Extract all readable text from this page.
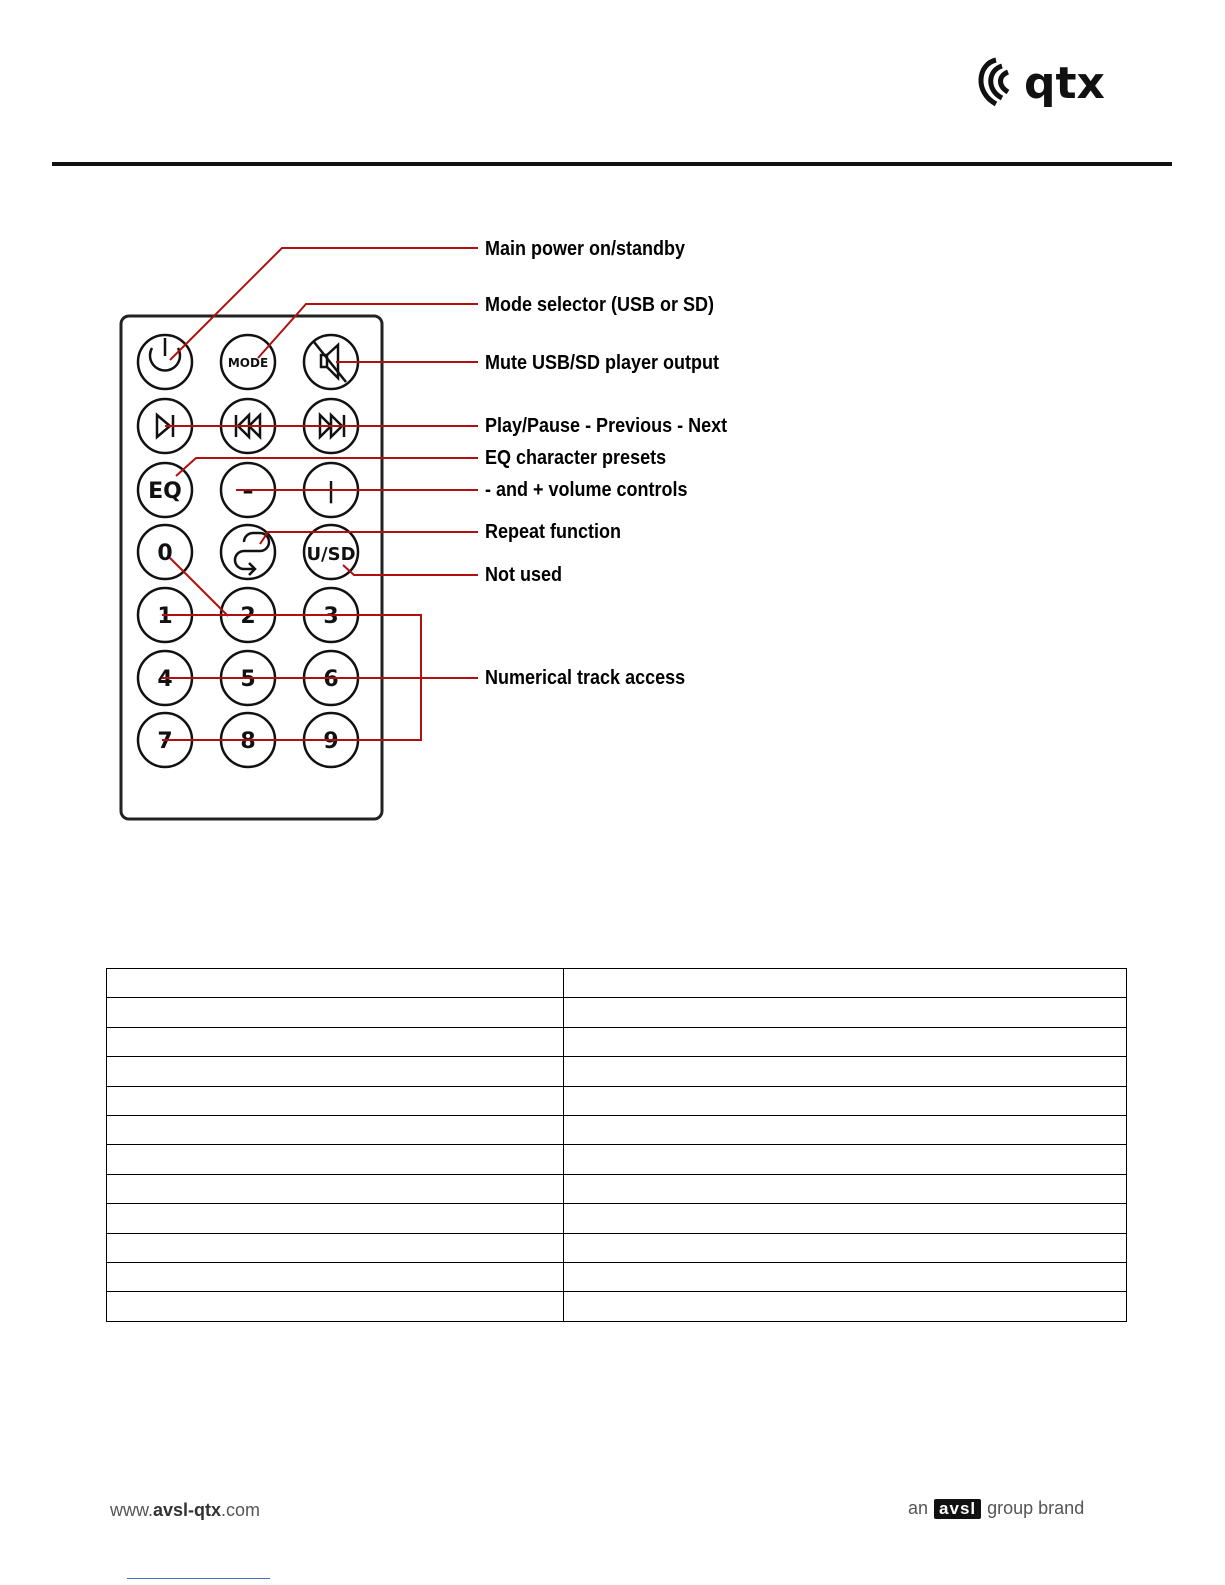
qtx
MODE
EQ	–	|
0	U/SD
1	2	3
4	5	6
7	8	9
Main power on/standby
Mode selector (USB or SD)
Mute USB/SD player output
Play/Pause - Previous - Next
EQ character presets
- and + volume controls
Repeat function
Not used
Numerical track access

www.avsl-qtx.com	an avsl group brand
